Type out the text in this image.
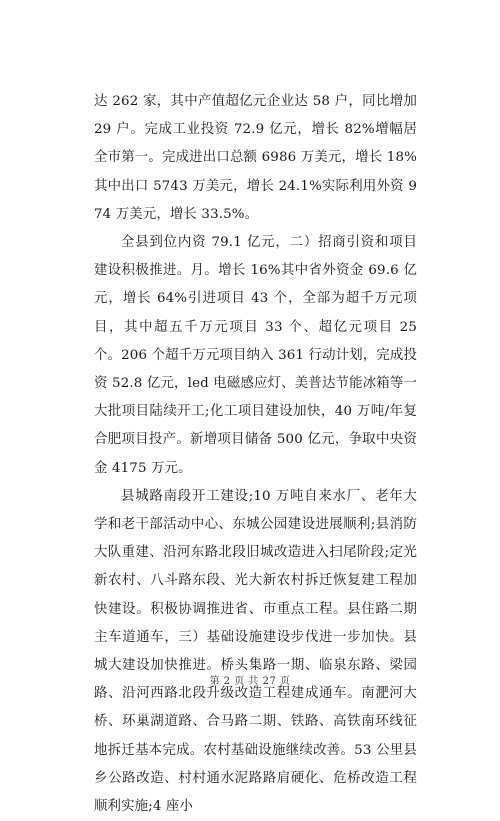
达 262 家，其中产值超亿元企业达 58 户，同比增加 29 户。完成工业投资 72.9 亿元，增长 82%增幅居全市第一。完成进出口总额 6986 万美元，增长 18%其中出口 5743 万美元，增长 24.1%实际利用外资 974 万美元，增长 33.5%。

全县到位内资 79.1 亿元，二）招商引资和项目建设积极推进。月。增长 16%其中省外资金 69.6 亿元，增长 64%引进项目 43 个，全部为超千万元项目，其中超五千万元项目 33 个、超亿元项目 25 个。206 个超千万元项目纳入 361 行动计划，完成投资 52.8 亿元，led 电磁感应灯、美普达节能冰箱等一大批项目陆续开工;化工项目建设加快，40 万吨/年复合肥项目投产。新增项目储备 500 亿元，争取中央资金 4175 万元。

县城路南段开工建设;10 万吨自来水厂、老年大学和老干部活动中心、东城公园建设进展顺利;县消防大队重建、沿河东路北段旧城改造进入扫尾阶段;定光新农村、八斗路东段、光大新农村拆迁恢复建工程加快建设。积极协调推进省、市重点工程。县住路二期主车道通车，三）基础设施建设步伐进一步加快。县城大建设加快推进。桥头集路一期、临泉东路、梁园路、沿河西路北段升级改造工程建成通车。南淝河大桥、环巢湖道路、合马路二期、铁路、高铁南环线征地拆迁基本完成。农村基础设施继续改善。53 公里县乡公路改造、村村通水泥路路肩硬化、危桥改造工程顺利实施;4 座小

第 2 页 共 27 页
